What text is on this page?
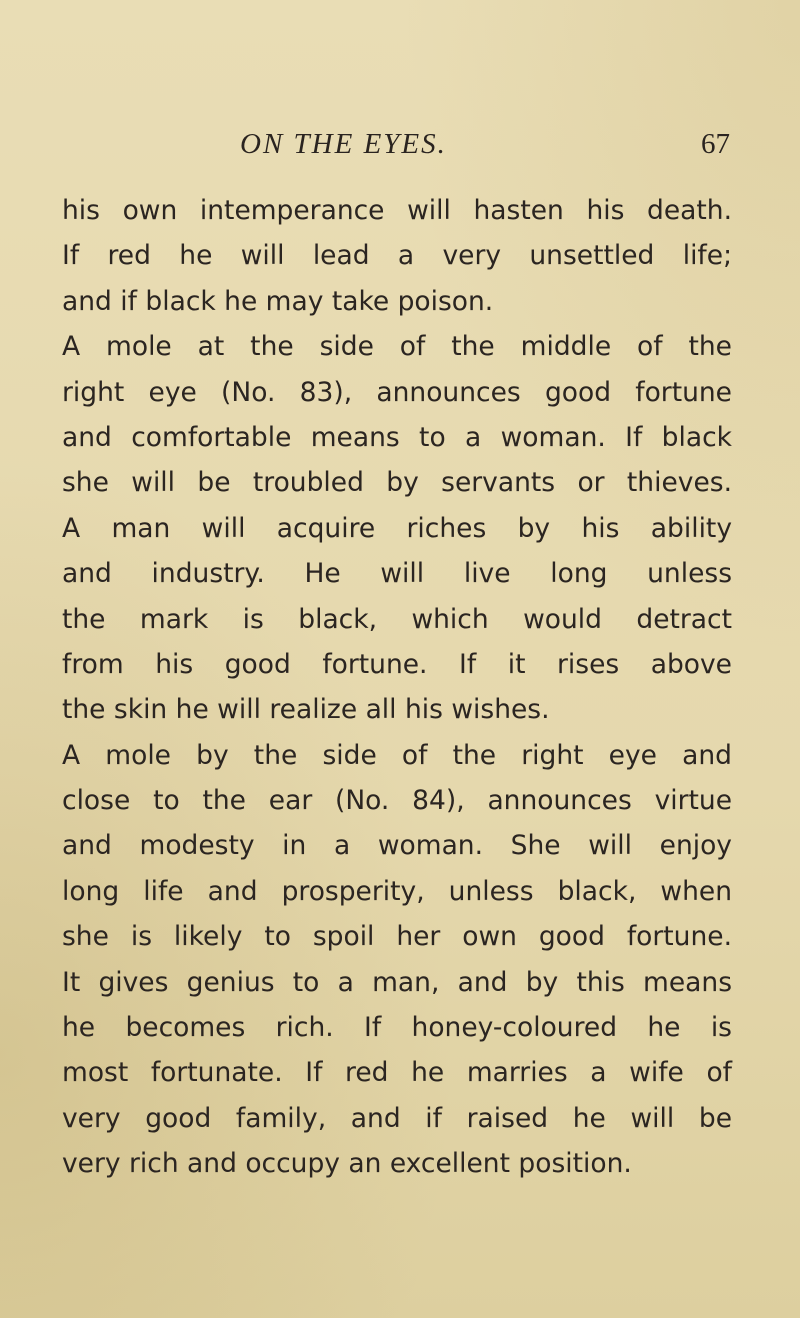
ON THE EYES.	67
his own intemperance will hasten his death.
If red he will lead a very unsettled life;
and if black he may take poison.
A mole at the side of the middle of the
right eye (No. 83), announces good fortune
and comfortable means to a woman. If black
she will be troubled by servants or thieves.
A man will acquire riches by his ability
and industry. He will live long unless
the mark is black, which would detract
from his good fortune. If it rises above
the skin he will realize all his wishes.
A mole by the side of the right eye and
close to the ear (No. 84), announces virtue
and modesty in a woman. She will enjoy
long life and prosperity, unless black, when
she is likely to spoil her own good fortune.
It gives genius to a man, and by this means
he becomes rich. If honey-coloured he is
most fortunate. If red he marries a wife of
very good family, and if raised he will be
very rich and occupy an excellent position.
